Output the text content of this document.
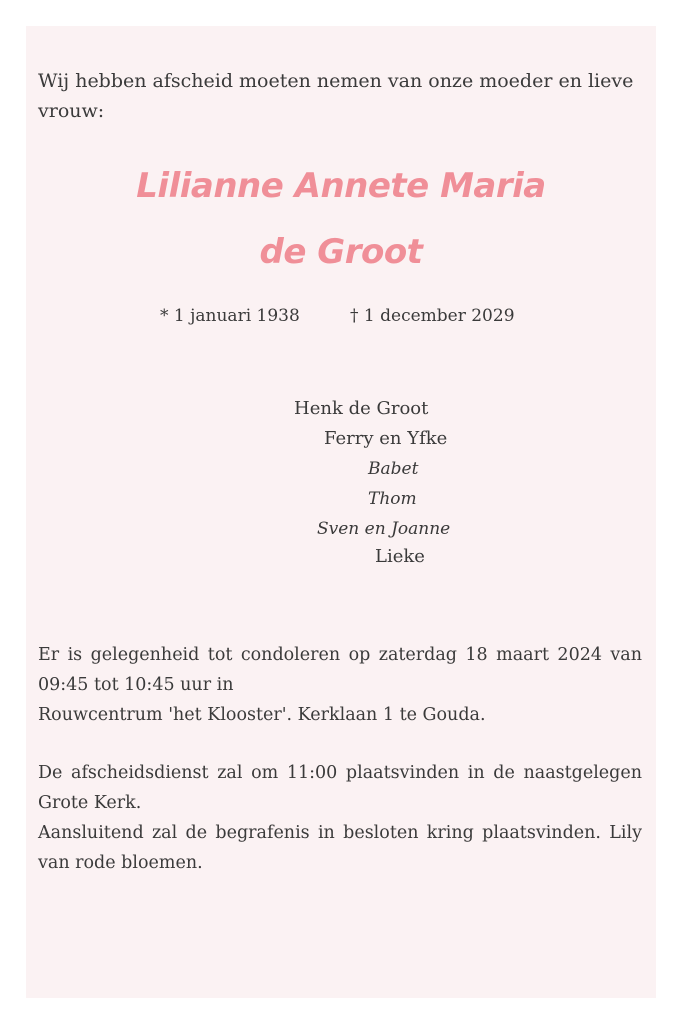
Wij hebben afscheid moeten nemen van onze moeder en lieve vrouw:

Lilianne Annete Maria
de Groot
* 1 januari 1938	† 1 december 2029
Henk de Groot
Ferry en Yfke
Babet
Thom
Sven en Joanne
Lieke

Er is gelegenheid tot condoleren op zaterdag 18 maart 2024 van 09:45 tot 10:45 uur in
Rouwcentrum 'het Klooster'. Kerklaan 1 te Gouda.

De afscheidsdienst zal om 11:00 plaatsvinden in de naastgelegen Grote Kerk.
Aansluitend zal de begrafenis in besloten kring plaatsvinden. Lily van rode bloemen.
